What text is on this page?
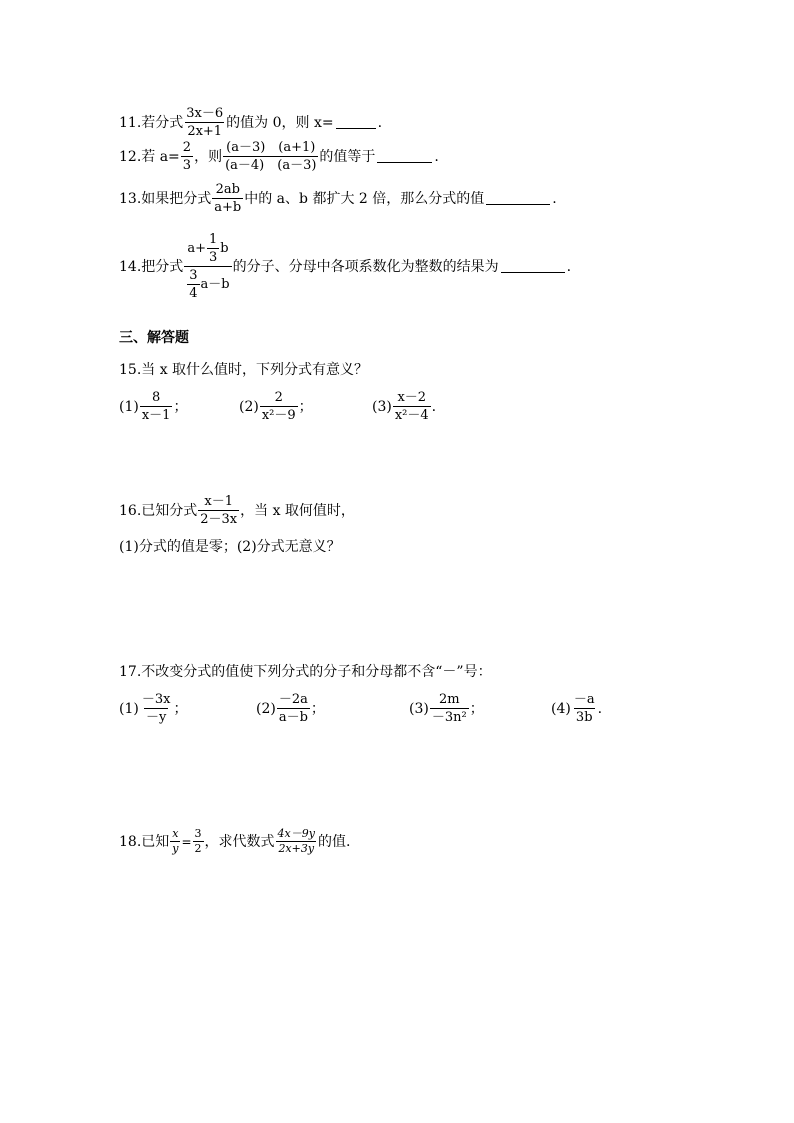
11.若分式 $\frac{3x-6}{2x+1}$ 的值为 0，则 x=	.
12.若 $a= \frac{2}{3}$ ，则 $\frac{(a-3) (a+1)}{(a-4) (a-3)}$ 的值等于	.
13.如果把分式 $\frac{2ab}{a+b}$ 中的 a、b 都扩大 2 倍，那么分式的值	.
14.把分式 $\frac{a+ \frac{1}{3} b}{\frac{3}{4} a-b}$ 的分子、分母中各项系数化为整数的结果为	.
三、解答题
15.当 x 取什么值时，下列分式有意义？
$(1) \frac{8}{x-1}$ ；	$(2) \frac{2}{\text{x²－9}}$ ；	$(3) \frac{x-2}{\text{x²－4}}$ .
16.已知分式 $\frac{x-1}{2-3x}$ ，当 x 取何值时，
(1)分式的值是零；(2)分式无意义？
17.不改变分式的值使下列分式的分子和分母都不含“－”号：
$(1) \frac{-3x}{-y}$ ；	$(2) \frac{-2a}{a-b}$ ；	$(3) \frac{2m}{\text{－3n²}}$ ；	$(4) \frac{-a}{3b}$ .
18.已知 $\frac{x}{y} = \frac{3}{2}$ ，求代数式 $\frac{4x-9y}{2x+3y}$ 的值.
